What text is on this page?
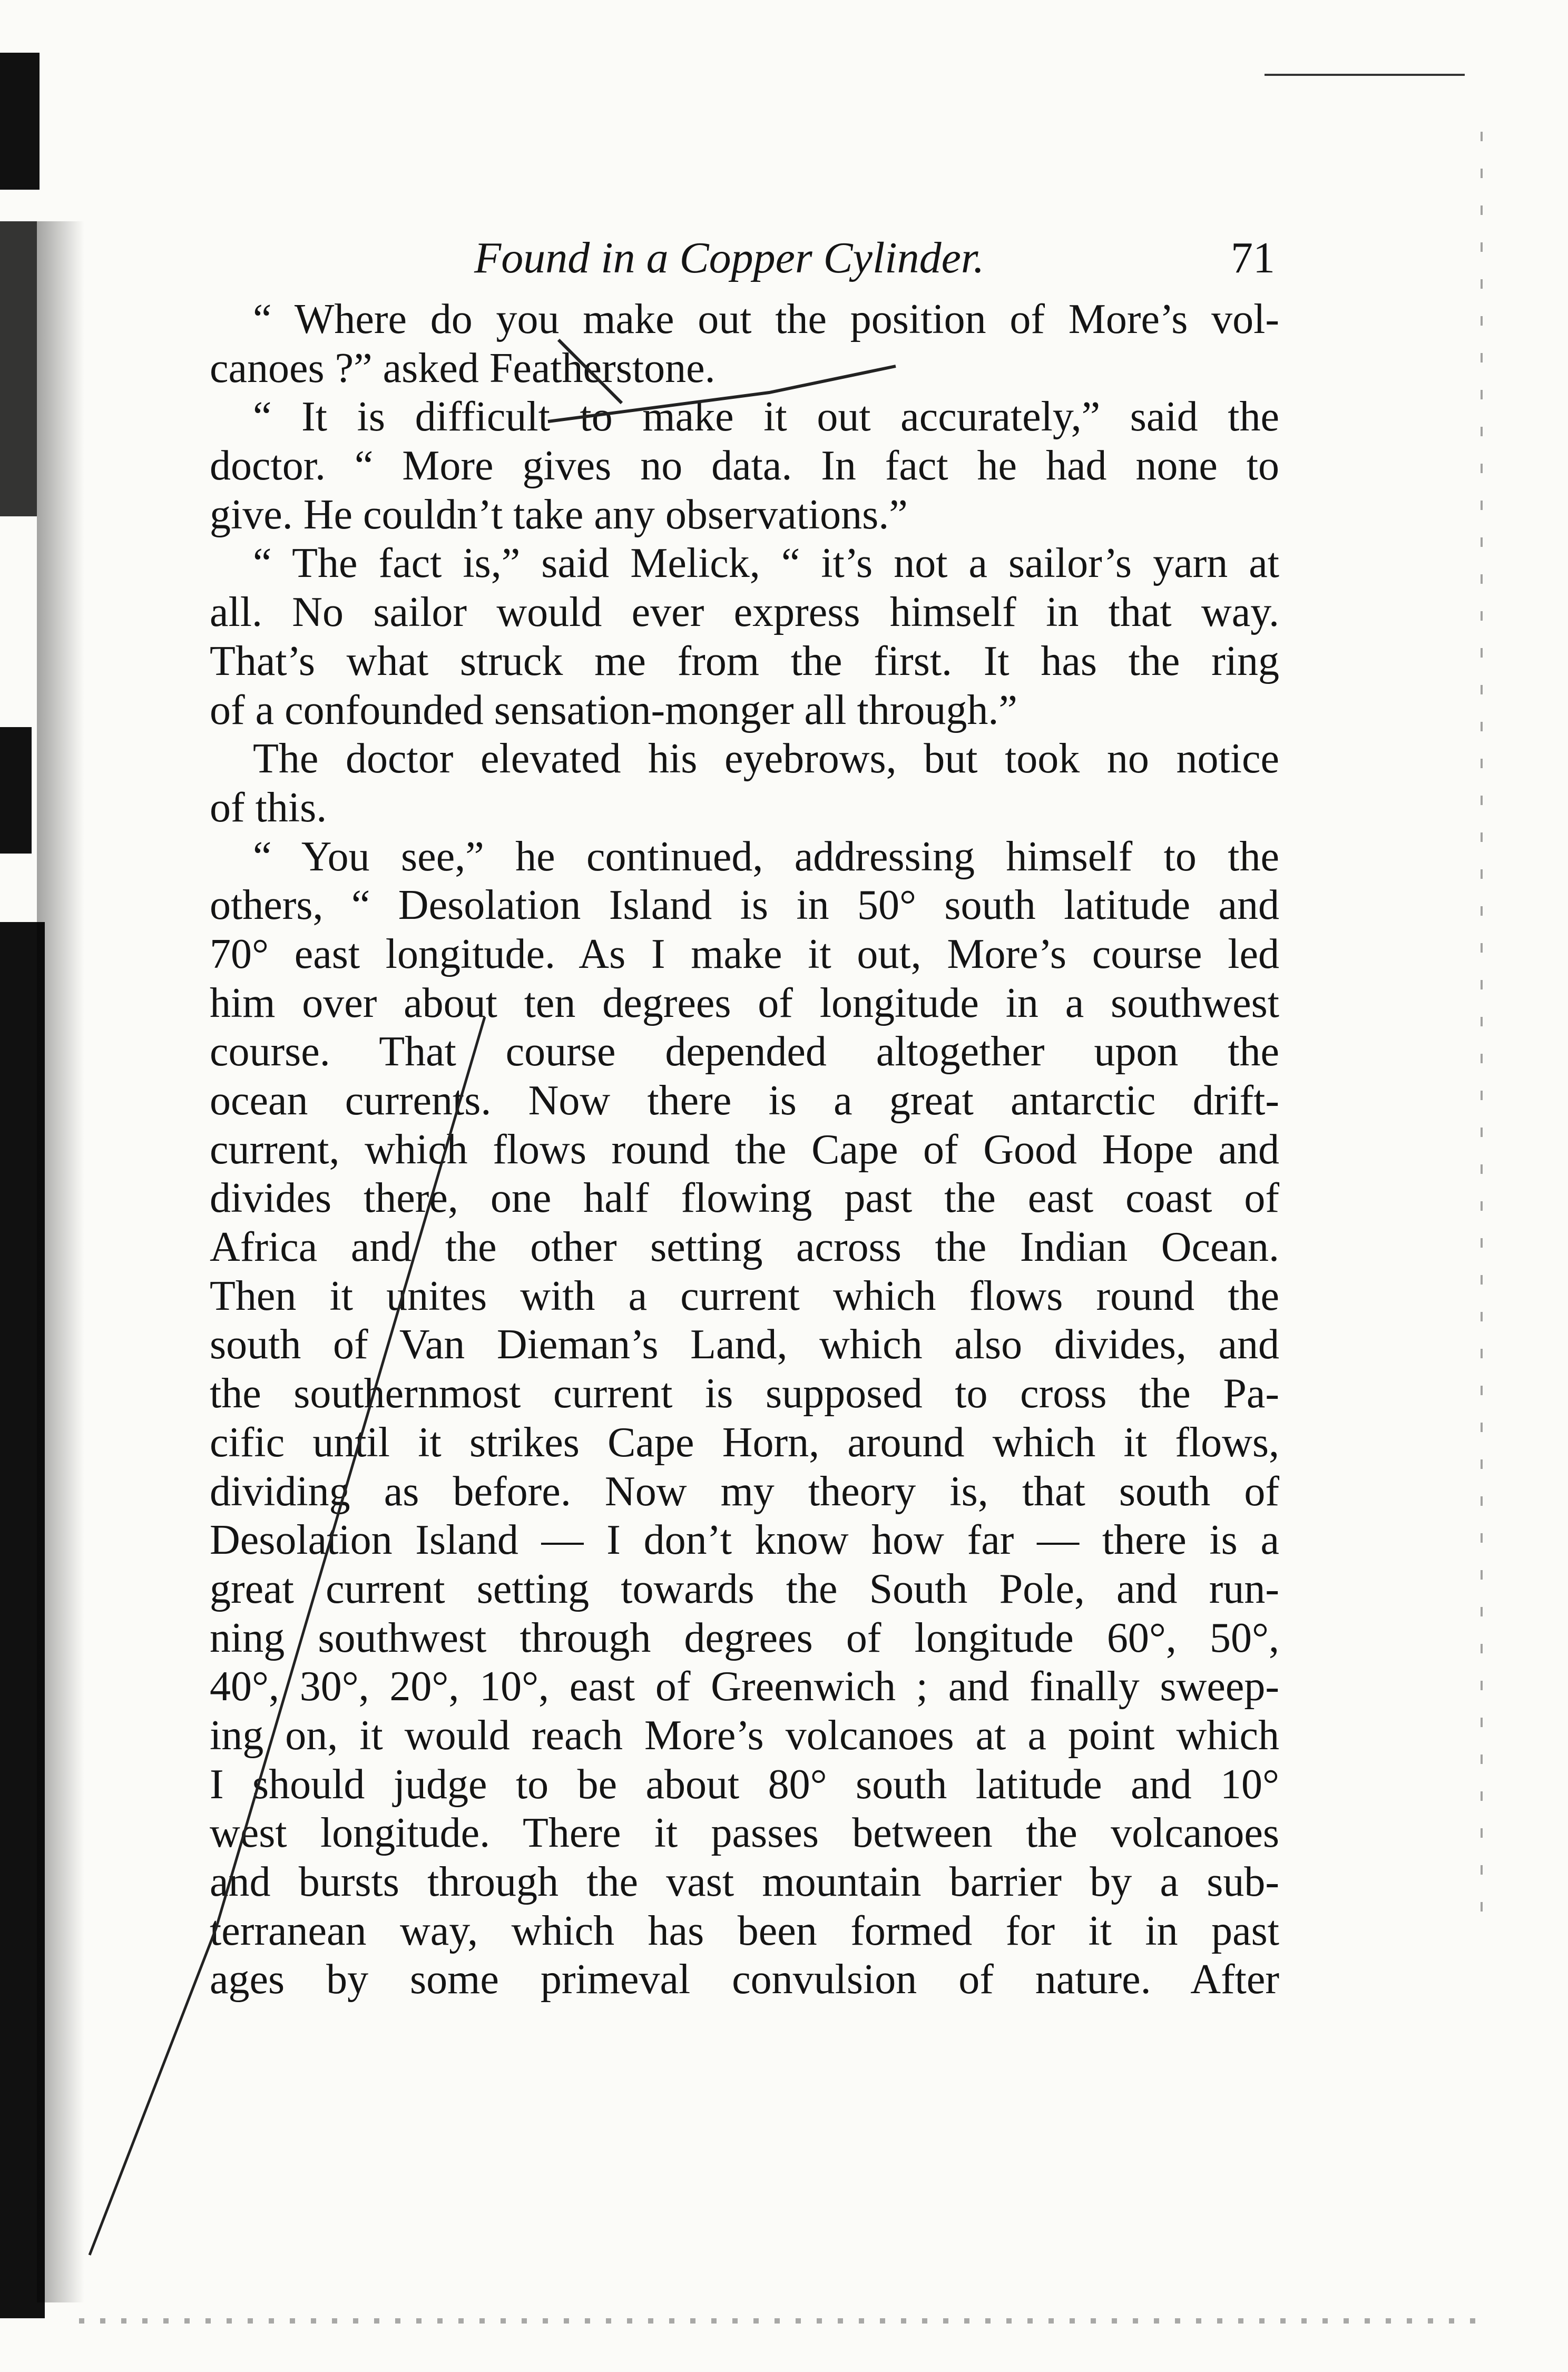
Found in a Copper Cylinder.	71
“ Where do you make out the position of More’s vol-
canoes ?” asked Featherstone.
“ It is difficult to make it out accurately,” said the
doctor. “ More gives no data. In fact he had none to
give. He couldn’t take any observations.”
“ The fact is,” said Melick, “ it’s not a sailor’s yarn at
all. No sailor would ever express himself in that way.
That’s what struck me from the first. It has the ring
of a confounded sensation-monger all through.”
The doctor elevated his eyebrows, but took no notice
of this.
“ You see,” he continued, addressing himself to the
others, “ Desolation Island is in 50° south latitude and
70° east longitude. As I make it out, More’s course led
him over about ten degrees of longitude in a southwest
course. That course depended altogether upon the
ocean currents. Now there is a great antarctic drift-
current, which flows round the Cape of Good Hope and
divides there, one half flowing past the east coast of
Africa and the other setting across the Indian Ocean.
Then it unites with a current which flows round the
south of Van Dieman’s Land, which also divides, and
the southernmost current is supposed to cross the Pa-
cific until it strikes Cape Horn, around which it flows,
dividing as before. Now my theory is, that south of
Desolation Island — I don’t know how far — there is a
great current setting towards the South Pole, and run-
ning southwest through degrees of longitude 60°, 50°,
40°, 30°, 20°, 10°, east of Greenwich ; and finally sweep-
ing on, it would reach More’s volcanoes at a point which
I should judge to be about 80° south latitude and 10°
west longitude. There it passes between the volcanoes
and bursts through the vast mountain barrier by a sub-
terranean way, which has been formed for it in past
ages by some primeval convulsion of nature. After
